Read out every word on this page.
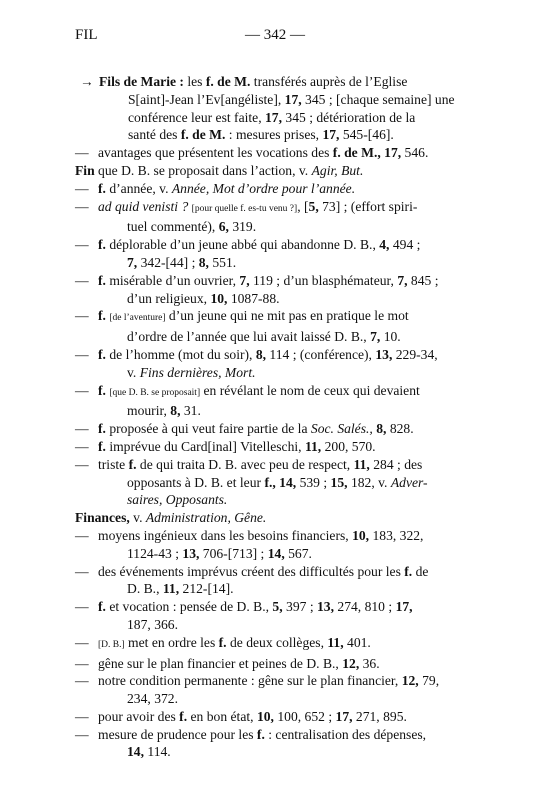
FIL	— 342 —
→ Fils de Marie : les f. de M. transférés auprès de l’Eglise
S[aint]-Jean l’Ev[angéliste], 17, 345 ; [chaque semaine] une
conférence leur est faite, 17, 345 ; détérioration de la
santé des f. de M. : mesures prises, 17, 545-[46].
— avantages que présentent les vocations des f. de M., 17, 546.
Fin que D. B. se proposait dans l’action, v. Agir, But.
— f. d’année, v. Année, Mot d’ordre pour l’année.
— ad quid venisti ? [pour quelle f. es-tu venu ?], [5, 73] ; (effort spiri-
tuel commenté), 6, 319.
— f. déplorable d’un jeune abbé qui abandonne D. B., 4, 494 ;
7, 342-[44] ; 8, 551.
— f. misérable d’un ouvrier, 7, 119 ; d’un blasphémateur, 7, 845 ;
d’un religieux, 10, 1087-88.
— f. [de l’aventure] d’un jeune qui ne mit pas en pratique le mot
d’ordre de l’année que lui avait laissé D. B., 7, 10.
— f. de l’homme (mot du soir), 8, 114 ; (conférence), 13, 229-34,
v. Fins dernières, Mort.
— f. [que D. B. se proposait] en révélant le nom de ceux qui devaient
mourir, 8, 31.
— f. proposée à qui veut faire partie de la Soc. Salés., 8, 828.
— f. imprévue du Card[inal] Vitelleschi, 11, 200, 570.
— triste f. de qui traita D. B. avec peu de respect, 11, 284 ; des
opposants à D. B. et leur f., 14, 539 ; 15, 182, v. Adver-
saires, Opposants.
Finances, v. Administration, Gêne.
— moyens ingénieux dans les besoins financiers, 10, 183, 322,
1124-43 ; 13, 706-[713] ; 14, 567.
— des événements imprévus créent des difficultés pour les f. de
D. B., 11, 212-[14].
— f. et vocation : pensée de D. B., 5, 397 ; 13, 274, 810 ; 17,
187, 366.
— [D. B.] met en ordre les f. de deux collèges, 11, 401.
— gêne sur le plan financier et peines de D. B., 12, 36.
— notre condition permanente : gêne sur le plan financier, 12, 79,
234, 372.
— pour avoir des f. en bon état, 10, 100, 652 ; 17, 271, 895.
— mesure de prudence pour les f. : centralisation des dépenses,
14, 114.
